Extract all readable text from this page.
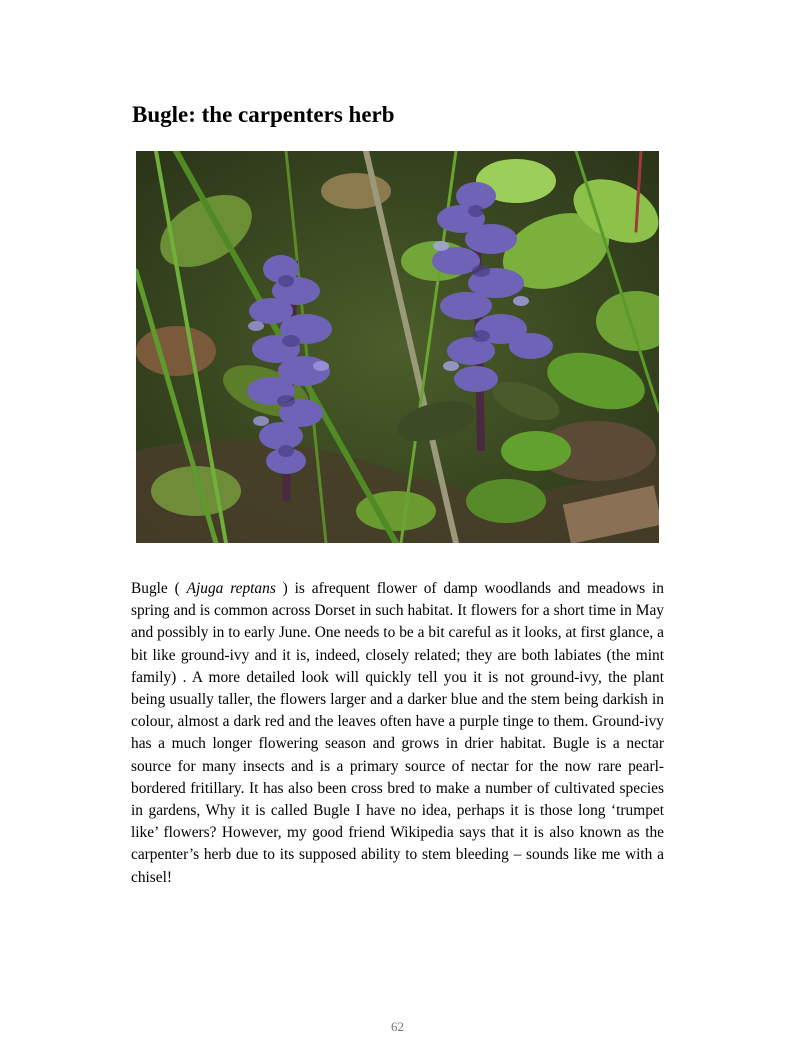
Bugle: the carpenters herb

Bugle ( Ajuga reptans ) is afrequent flower of damp woodlands and meadows in spring and is common across Dorset in such habitat. It flowers for a short time in May and possibly in to early June. One needs to be a bit careful as it looks, at first glance, a bit like ground-ivy and it is, indeed, closely related; they are both labiates (the mint family) . A more detailed look will quickly tell you it is not ground-ivy, the plant being usually taller, the flowers larger and a darker blue and the stem being darkish in colour, almost a dark red and the leaves often have a purple tinge to them. Ground-ivy has a much longer flowering season and grows in drier habitat. Bugle is a nectar source for many insects and is a primary source of nectar for the now rare pearl-bordered fritillary. It has also been cross bred to make a number of cultivated species in gardens, Why it is called Bugle I have no idea, perhaps it is those long ‘trumpet like’ flowers? However, my good friend Wikipedia says that it is also known as the carpenter’s herb due to its supposed ability to stem bleeding – sounds like me with a chisel!

62
